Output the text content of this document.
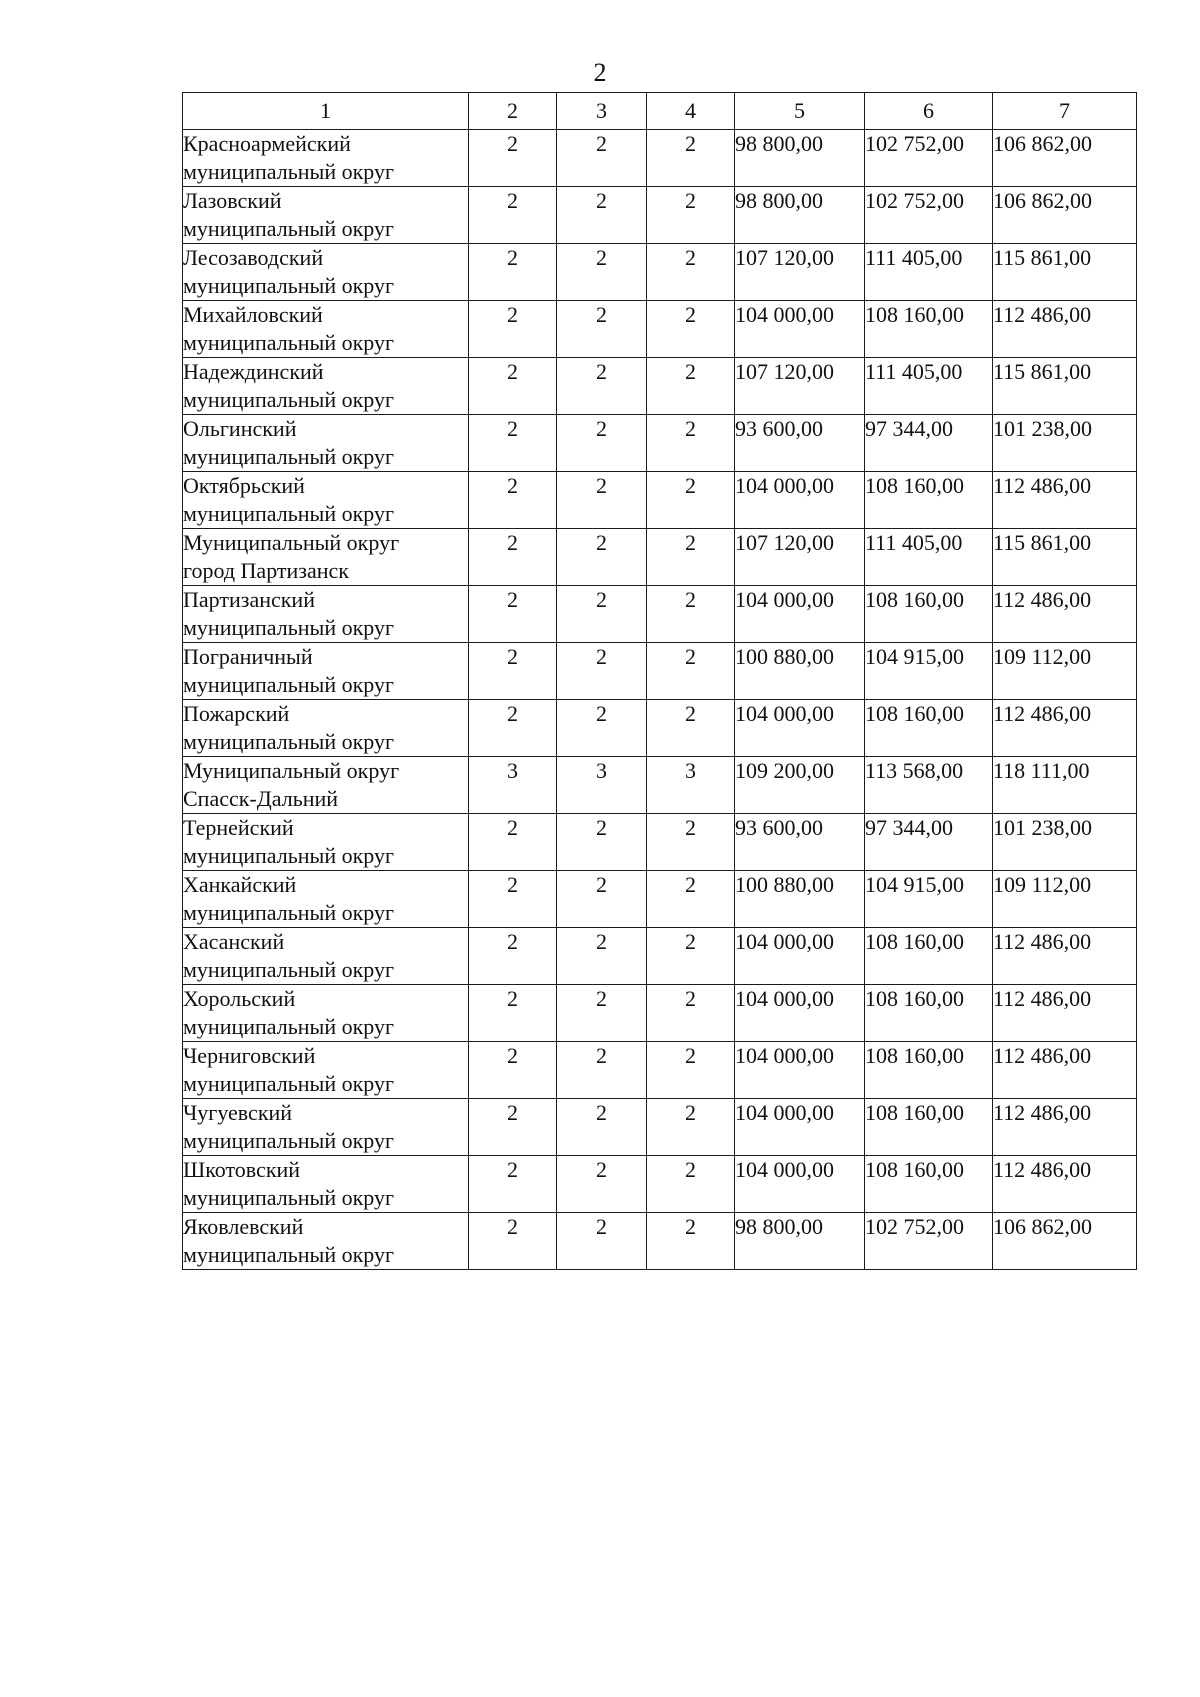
2
1	2	3	4	5	6	7

Красноармейский
муниципальный округ	2	2	2	98 800,00	102 752,00	106 862,00

Лазовский
муниципальный округ	2	2	2	98 800,00	102 752,00	106 862,00

Лесозаводский
муниципальный округ	2	2	2	107 120,00	111 405,00	115 861,00

Михайловский
муниципальный округ	2	2	2	104 000,00	108 160,00	112 486,00

Надеждинский
муниципальный округ	2	2	2	107 120,00	111 405,00	115 861,00

Ольгинский
муниципальный округ	2	2	2	93 600,00	97 344,00	101 238,00

Октябрьский
муниципальный округ	2	2	2	104 000,00	108 160,00	112 486,00

Муниципальный округ
город Партизанск	2	2	2	107 120,00	111 405,00	115 861,00

Партизанский
муниципальный округ	2	2	2	104 000,00	108 160,00	112 486,00

Пограничный
муниципальный округ	2	2	2	100 880,00	104 915,00	109 112,00

Пожарский
муниципальный округ	2	2	2	104 000,00	108 160,00	112 486,00

Муниципальный округ
Спасск-Дальний	3	3	3	109 200,00	113 568,00	118 111,00

Тернейский
муниципальный округ	2	2	2	93 600,00	97 344,00	101 238,00

Ханкайский
муниципальный округ	2	2	2	100 880,00	104 915,00	109 112,00

Хасанский
муниципальный округ	2	2	2	104 000,00	108 160,00	112 486,00

Хорольский
муниципальный округ	2	2	2	104 000,00	108 160,00	112 486,00

Черниговский
муниципальный округ	2	2	2	104 000,00	108 160,00	112 486,00

Чугуевский
муниципальный округ	2	2	2	104 000,00	108 160,00	112 486,00

Шкотовский
муниципальный округ	2	2	2	104 000,00	108 160,00	112 486,00

Яковлевский
муниципальный округ	2	2	2	98 800,00	102 752,00	106 862,00
